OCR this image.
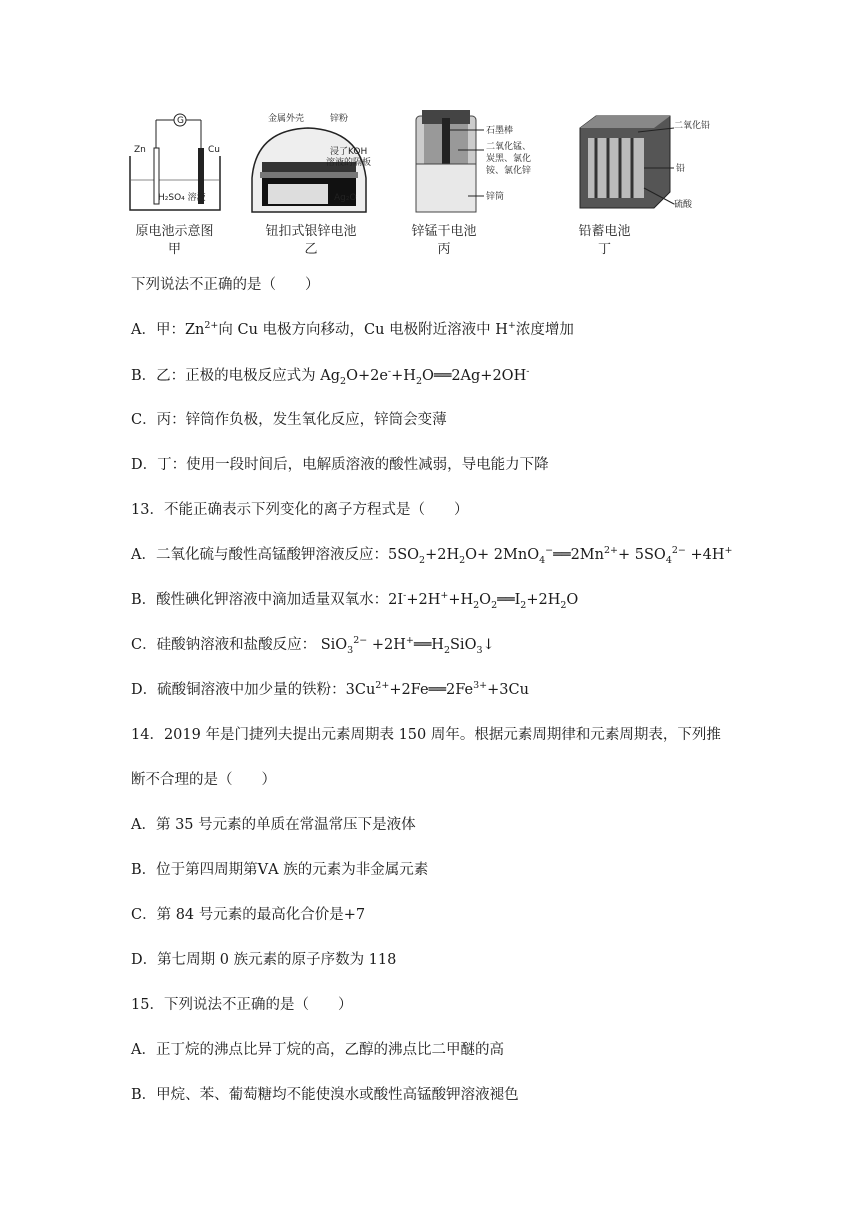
G
Zn	Cu
H₂SO₄ 溶液
原电池示意图
甲
金属外壳	锌粉
浸了KOH
溶液的隔板
Ag₂O
钮扣式银锌电池
乙
石墨棒
二氧化锰、
炭黑、氯化
铵、氯化锌
锌筒
锌锰干电池
丙
二氧化铅
铅
硫酸
铅蓄电池
丁
下列说法不正确的是（　　）
A．甲：$Zn^{2+}$向 Cu 电极方向移动，Cu 电极附近溶液中 H+浓度增加
B．乙：正极的电极反应式为 $Ag_2O+2e^-+H_2O══2Ag+2OH^-$
C．丙：锌筒作负极，发生氧化反应，锌筒会变薄
D．丁：使用一段时间后，电解质溶液的酸性减弱，导电能力下降
13．不能正确表示下列变化的离子方程式是（　　）
A．二氧化硫与酸性高锰酸钾溶液反应：$5SO_2+2H_2O+$ $2MnO_4^-══2Mn^{2+}+ 5SO_4^{2-} +4H^+$
B．酸性碘化钾溶液中滴加适量双氧水：$2I^-+2H^++H_2O_2══I_2+2H_2O$
C．硅酸钠溶液和盐酸反应： $SiO_3^{2-} +2H^+══H_2SiO_3↓$
D．硫酸铜溶液中加少量的铁粉：$3Cu^{2+}+2Fe══2Fe^{3+}+3Cu$
14．2019 年是门捷列夫提出元素周期表 150 周年。根据元素周期律和元素周期表，下列推
断不合理的是（　　）
A．第 35 号元素的单质在常温常压下是液体
B．位于第四周期第ⅤA 族的元素为非金属元素
C．第 84 号元素的最高化合价是+7
D．第七周期 0 族元素的原子序数为 118
15．下列说法不正确的是（　　）
A．正丁烷的沸点比异丁烷的高，乙醇的沸点比二甲醚的高
B．甲烷、苯、葡萄糖均不能使溴水或酸性高锰酸钾溶液褪色
